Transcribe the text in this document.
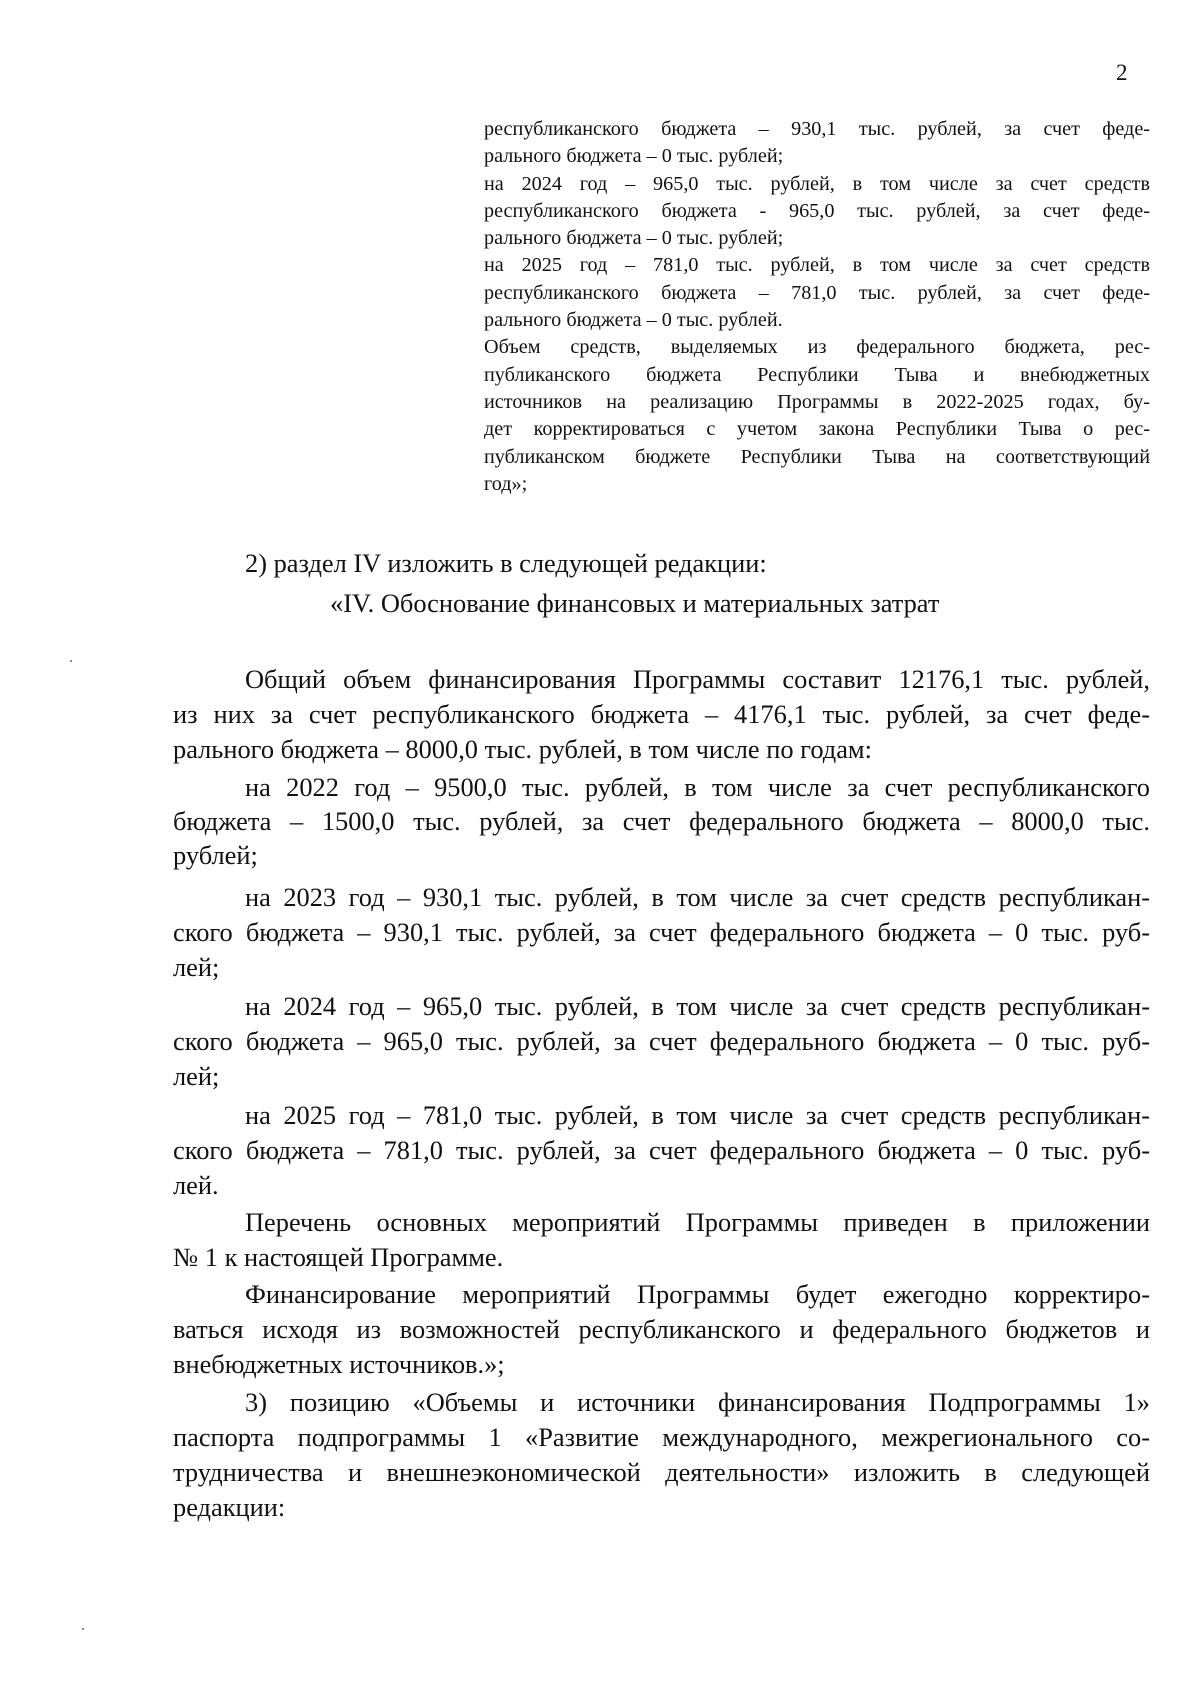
2
республиканского бюджета – 930,1 тыс. рублей, за счет феде-
рального бюджета – 0 тыс. рублей;
на 2024 год – 965,0 тыс. рублей, в том числе за счет средств
республиканского бюджета - 965,0 тыс. рублей, за счет феде-
рального бюджета – 0 тыс. рублей;
на 2025 год – 781,0 тыс. рублей, в том числе за счет средств
республиканского бюджета – 781,0 тыс. рублей, за счет феде-
рального бюджета – 0 тыс. рублей.
Объем средств, выделяемых из федерального бюджета, рес-
публиканского бюджета Республики Тыва и внебюджетных
источников на реализацию Программы в 2022-2025 годах, бу-
дет корректироваться с учетом закона Республики Тыва о рес-
публиканском бюджете Республики Тыва на соответствующий
год»;
2) раздел IV изложить в следующей редакции:
«IV. Обоснование финансовых и материальных затрат
Общий объем финансирования Программы составит 12176,1 тыс. рублей,
из них за счет республиканского бюджета – 4176,1 тыс. рублей, за счет феде-
рального бюджета – 8000,0 тыс. рублей, в том числе по годам:
на 2022 год – 9500,0 тыс. рублей, в том числе за счет республиканского
бюджета – 1500,0 тыс. рублей, за счет федерального бюджета – 8000,0 тыс.
рублей;
на 2023 год – 930,1 тыс. рублей, в том числе за счет средств республикан-
ского бюджета – 930,1 тыс. рублей, за счет федерального бюджета – 0 тыс. руб-
лей;
на 2024 год – 965,0 тыс. рублей, в том числе за счет средств республикан-
ского бюджета – 965,0 тыс. рублей, за счет федерального бюджета – 0 тыс. руб-
лей;
на 2025 год – 781,0 тыс. рублей, в том числе за счет средств республикан-
ского бюджета – 781,0 тыс. рублей, за счет федерального бюджета – 0 тыс. руб-
лей.
Перечень основных мероприятий Программы приведен в приложении
№ 1 к настоящей Программе.
Финансирование мероприятий Программы будет ежегодно корректиро-
ваться исходя из возможностей республиканского и федерального бюджетов и
внебюджетных источников.»;
3) позицию «Объемы и источники финансирования Подпрограммы 1»
паспорта подпрограммы 1 «Развитие международного, межрегионального со-
трудничества и внешнеэкономической деятельности» изложить в следующей
редакции:
